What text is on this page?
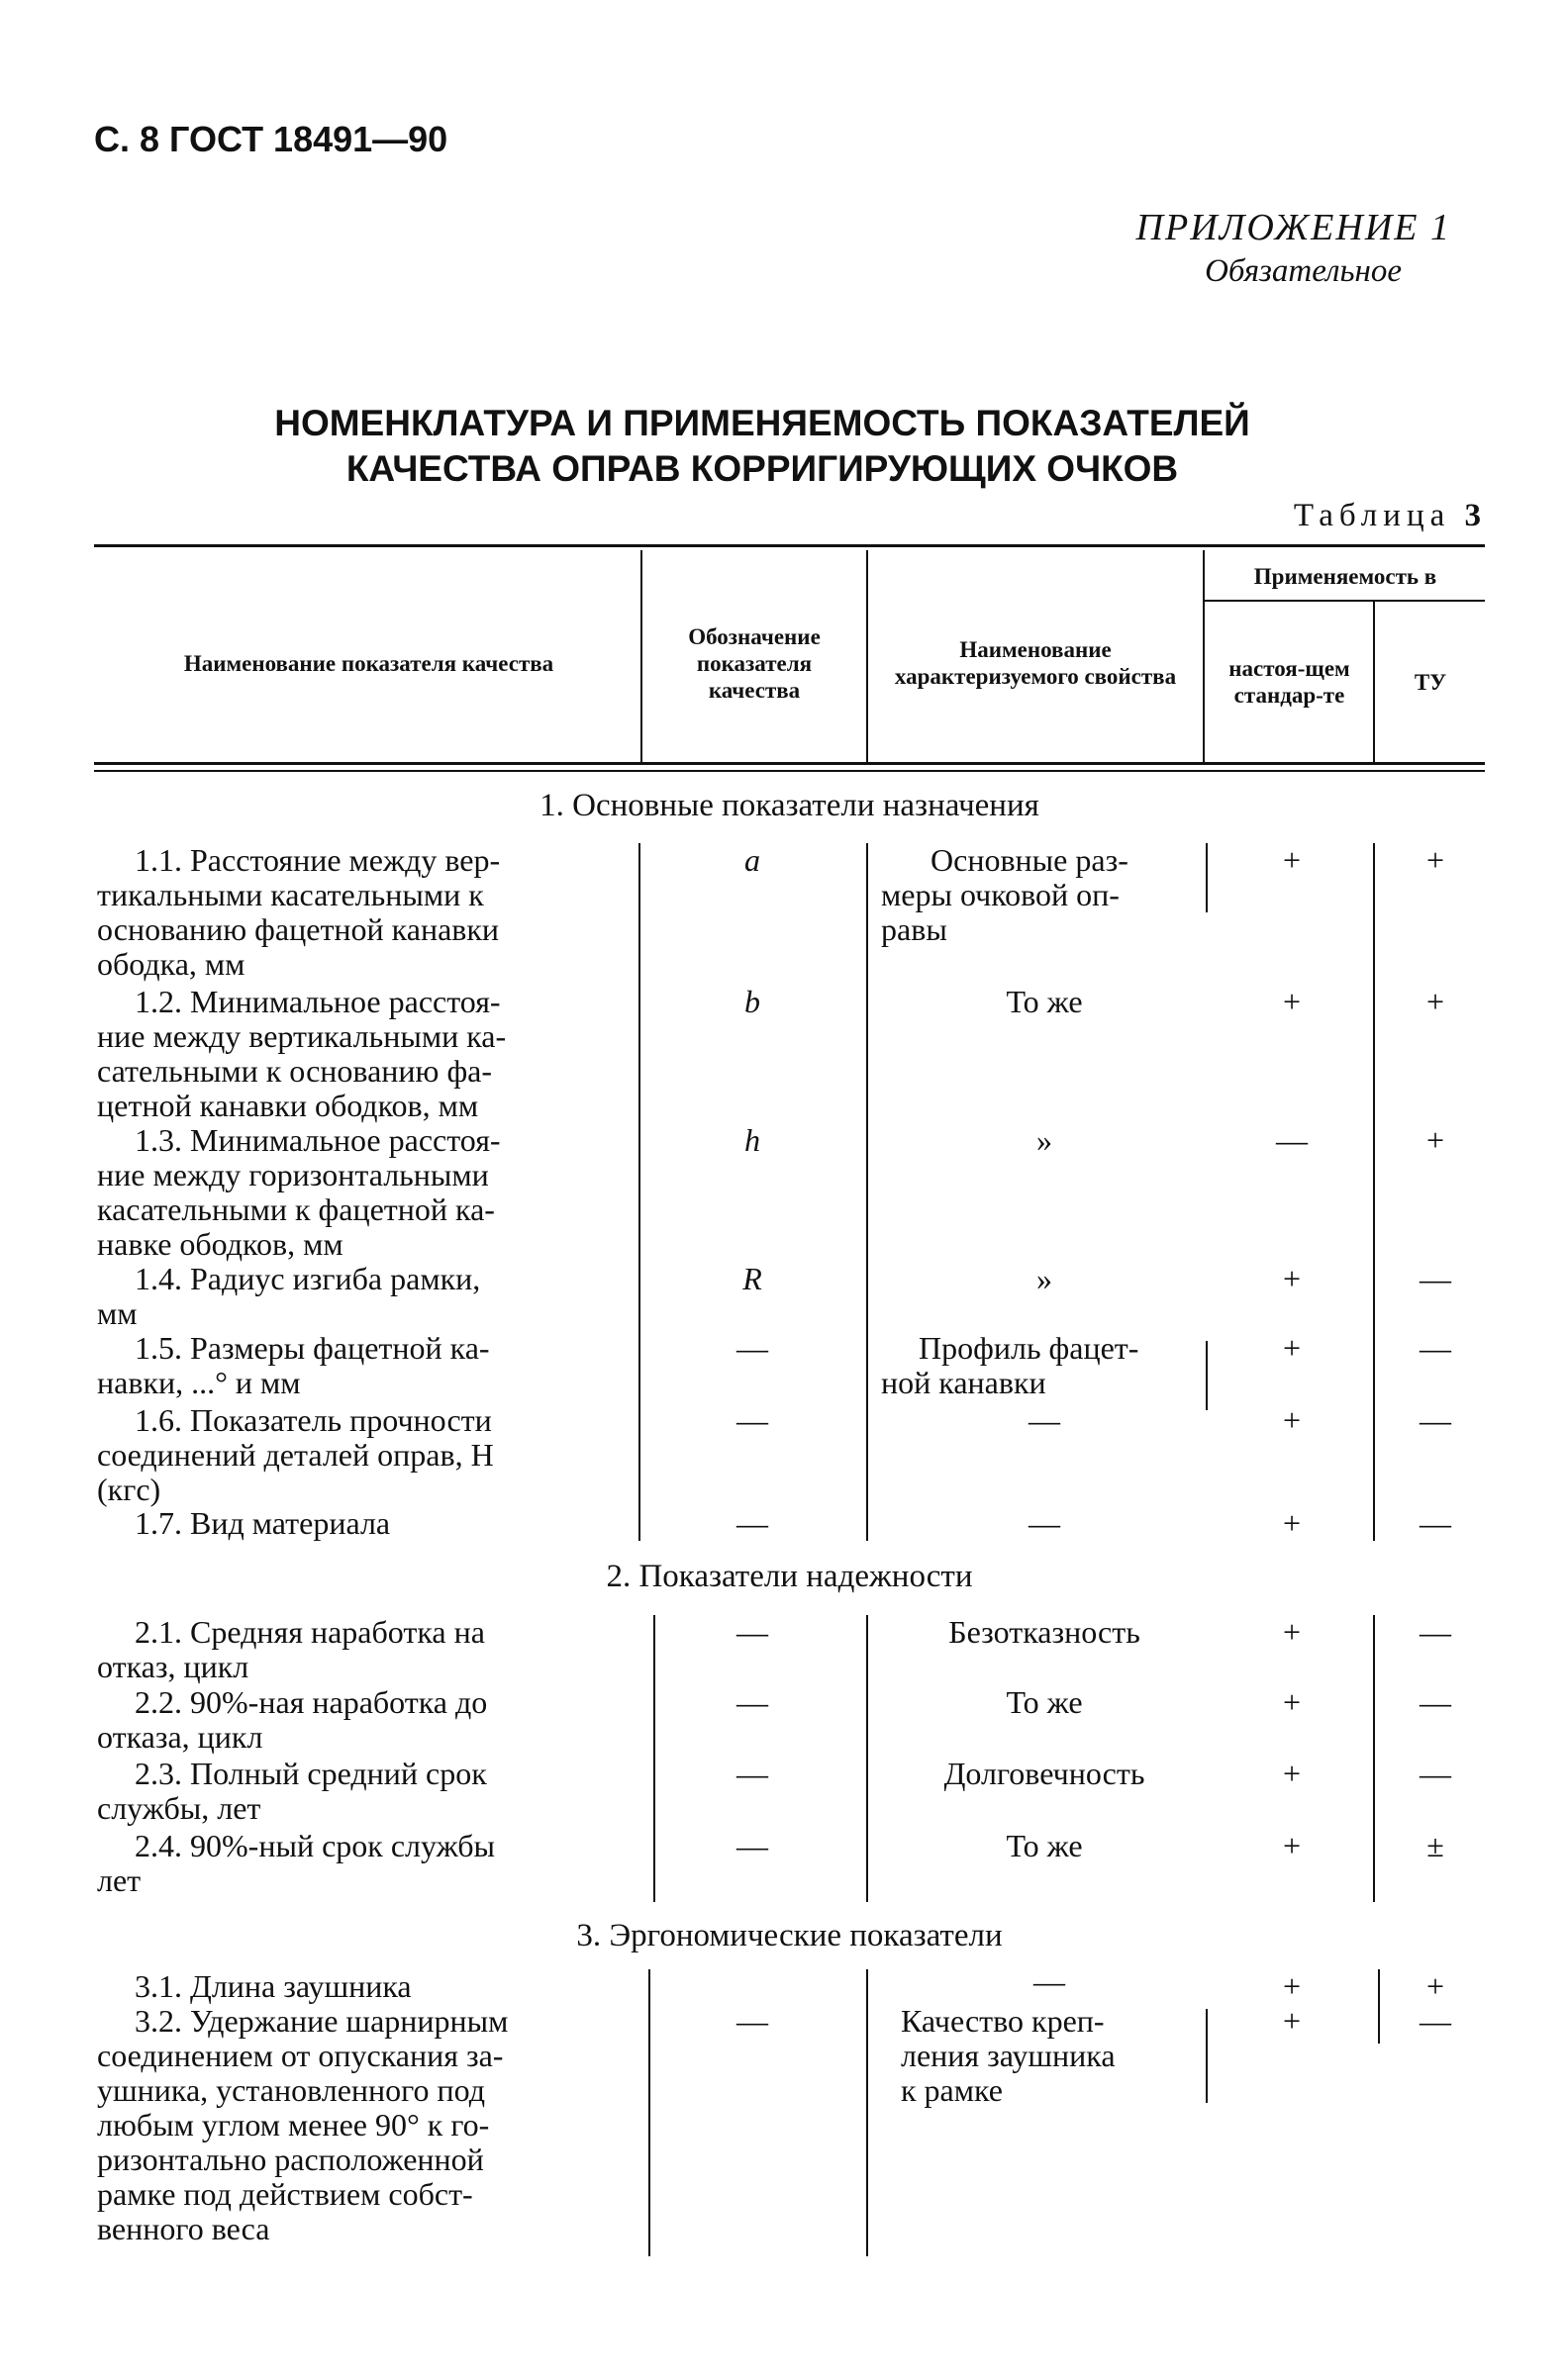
С. 8 ГОСТ 18491—90
ПРИЛОЖЕНИЕ 1
Обязательное
НОМЕНКЛАТУРА И ПРИМЕНЯЕМОСТЬ ПОКАЗАТЕЛЕЙ
КАЧЕСТВА ОПРАВ КОРРИГИРУЮЩИХ ОЧКОВ
Таблица 3
Наименование показателя качества
Обозначение показателя качества
Наименование характеризуемого свойства
Применяемость в
настоя-щем стандар-те
ТУ
1. Основные показатели назначения
1.1. Расстояние между вер-
тикальными касательными к
основанию фацетной канавки
ободка, мм
a	Основные раз-
меры очковой оп-
равы
+	+
1.2. Минимальное расстоя-
ние между вертикальными ка-
сательными к основанию фа-
цетной канавки ободков, мм
b	То же	+	+
1.3. Минимальное расстоя-
ние между горизонтальными
касательными к фацетной ка-
навке ободков, мм
h	»	—	+
1.4. Радиус изгиба рамки,
мм
R	»	+	—
1.5. Размеры фацетной ка-
навки, ...° и мм
—	Профиль фацет-
ной канавки
+	—
1.6. Показатель прочности
соединений деталей оправ, Н
(кгс)
—	—	+	—
1.7. Вид материала	—	—	+	—
2. Показатели надежности
2.1. Средняя наработка на
отказ, цикл
—	Безотказность	+	—
2.2. 90%-ная наработка до
отказа, цикл
—	То же	+	—
2.3. Полный средний срок
службы, лет
—	Долговечность	+	—
2.4. 90%-ный срок службы
лет
—	То же	+	±
3. Эргономические показатели
3.1. Длина заушника	—	+	+
3.2. Удержание шарнирным
соединением от опускания за-
ушника, установленного под
любым углом менее 90° к го-
ризонтально расположенной
рамке под действием собст-
венного веса
—	Качество креп-
ления заушника
к рамке
+	—
